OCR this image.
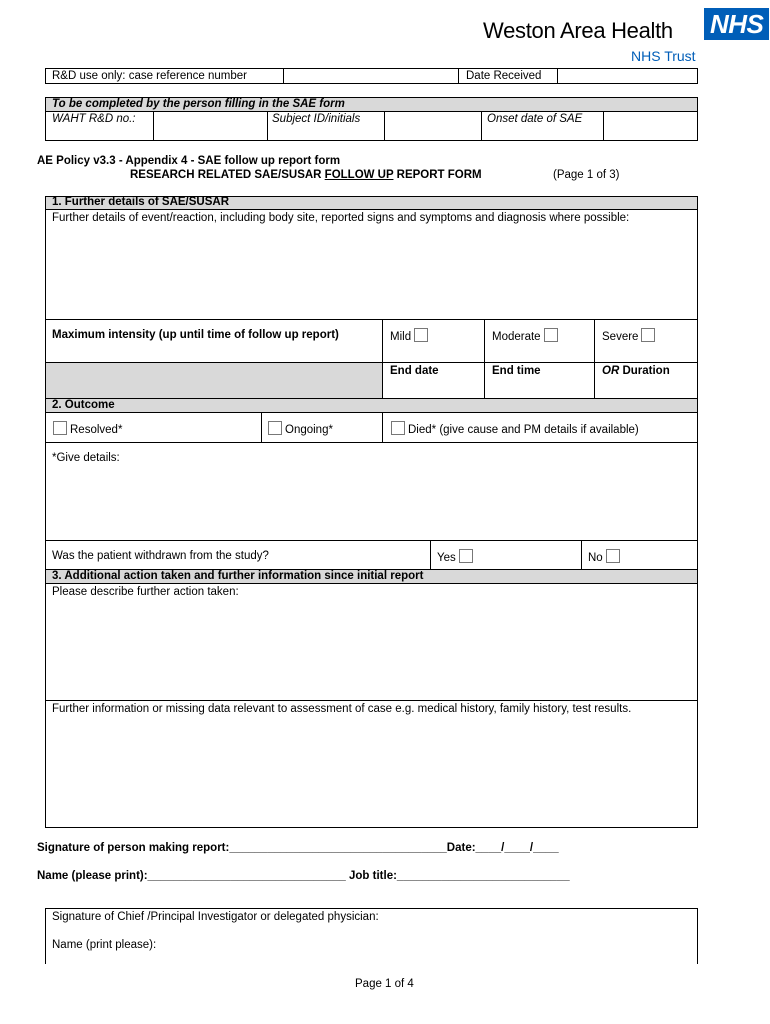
Weston Area Health NHS
NHS Trust
R&D use only: case reference number	Date Received
To be completed by the person filling in the SAE form
WAHT R&D no.:	Subject ID/initials	Onset date of SAE
AE Policy v3.3 - Appendix 4 - SAE follow up report form
RESEARCH RELATED SAE/SUSAR FOLLOW UP REPORT FORM	(Page 1 of 3)
1. Further details of SAE/SUSAR
Further details of event/reaction, including body site, reported signs and symptoms and diagnosis where possible:
Maximum intensity (up until time of follow up report)	Mild	Moderate	Severe
End date	End time	OR Duration
2. Outcome
Resolved*	Ongoing*	Died* (give cause and PM details if available)
*Give details:
Was the patient withdrawn from the study?	Yes	No
3. Additional action taken and further information since initial report
Please describe further action taken:
Further information or missing data relevant to assessment of case e.g. medical history, family history, test results.
Signature of person making report:__________________________________Date:____/____/____
Name (please print):_______________________________ Job title:___________________________
Signature of Chief /Principal Investigator or delegated physician:
Name (print please):
Page 1 of 4
